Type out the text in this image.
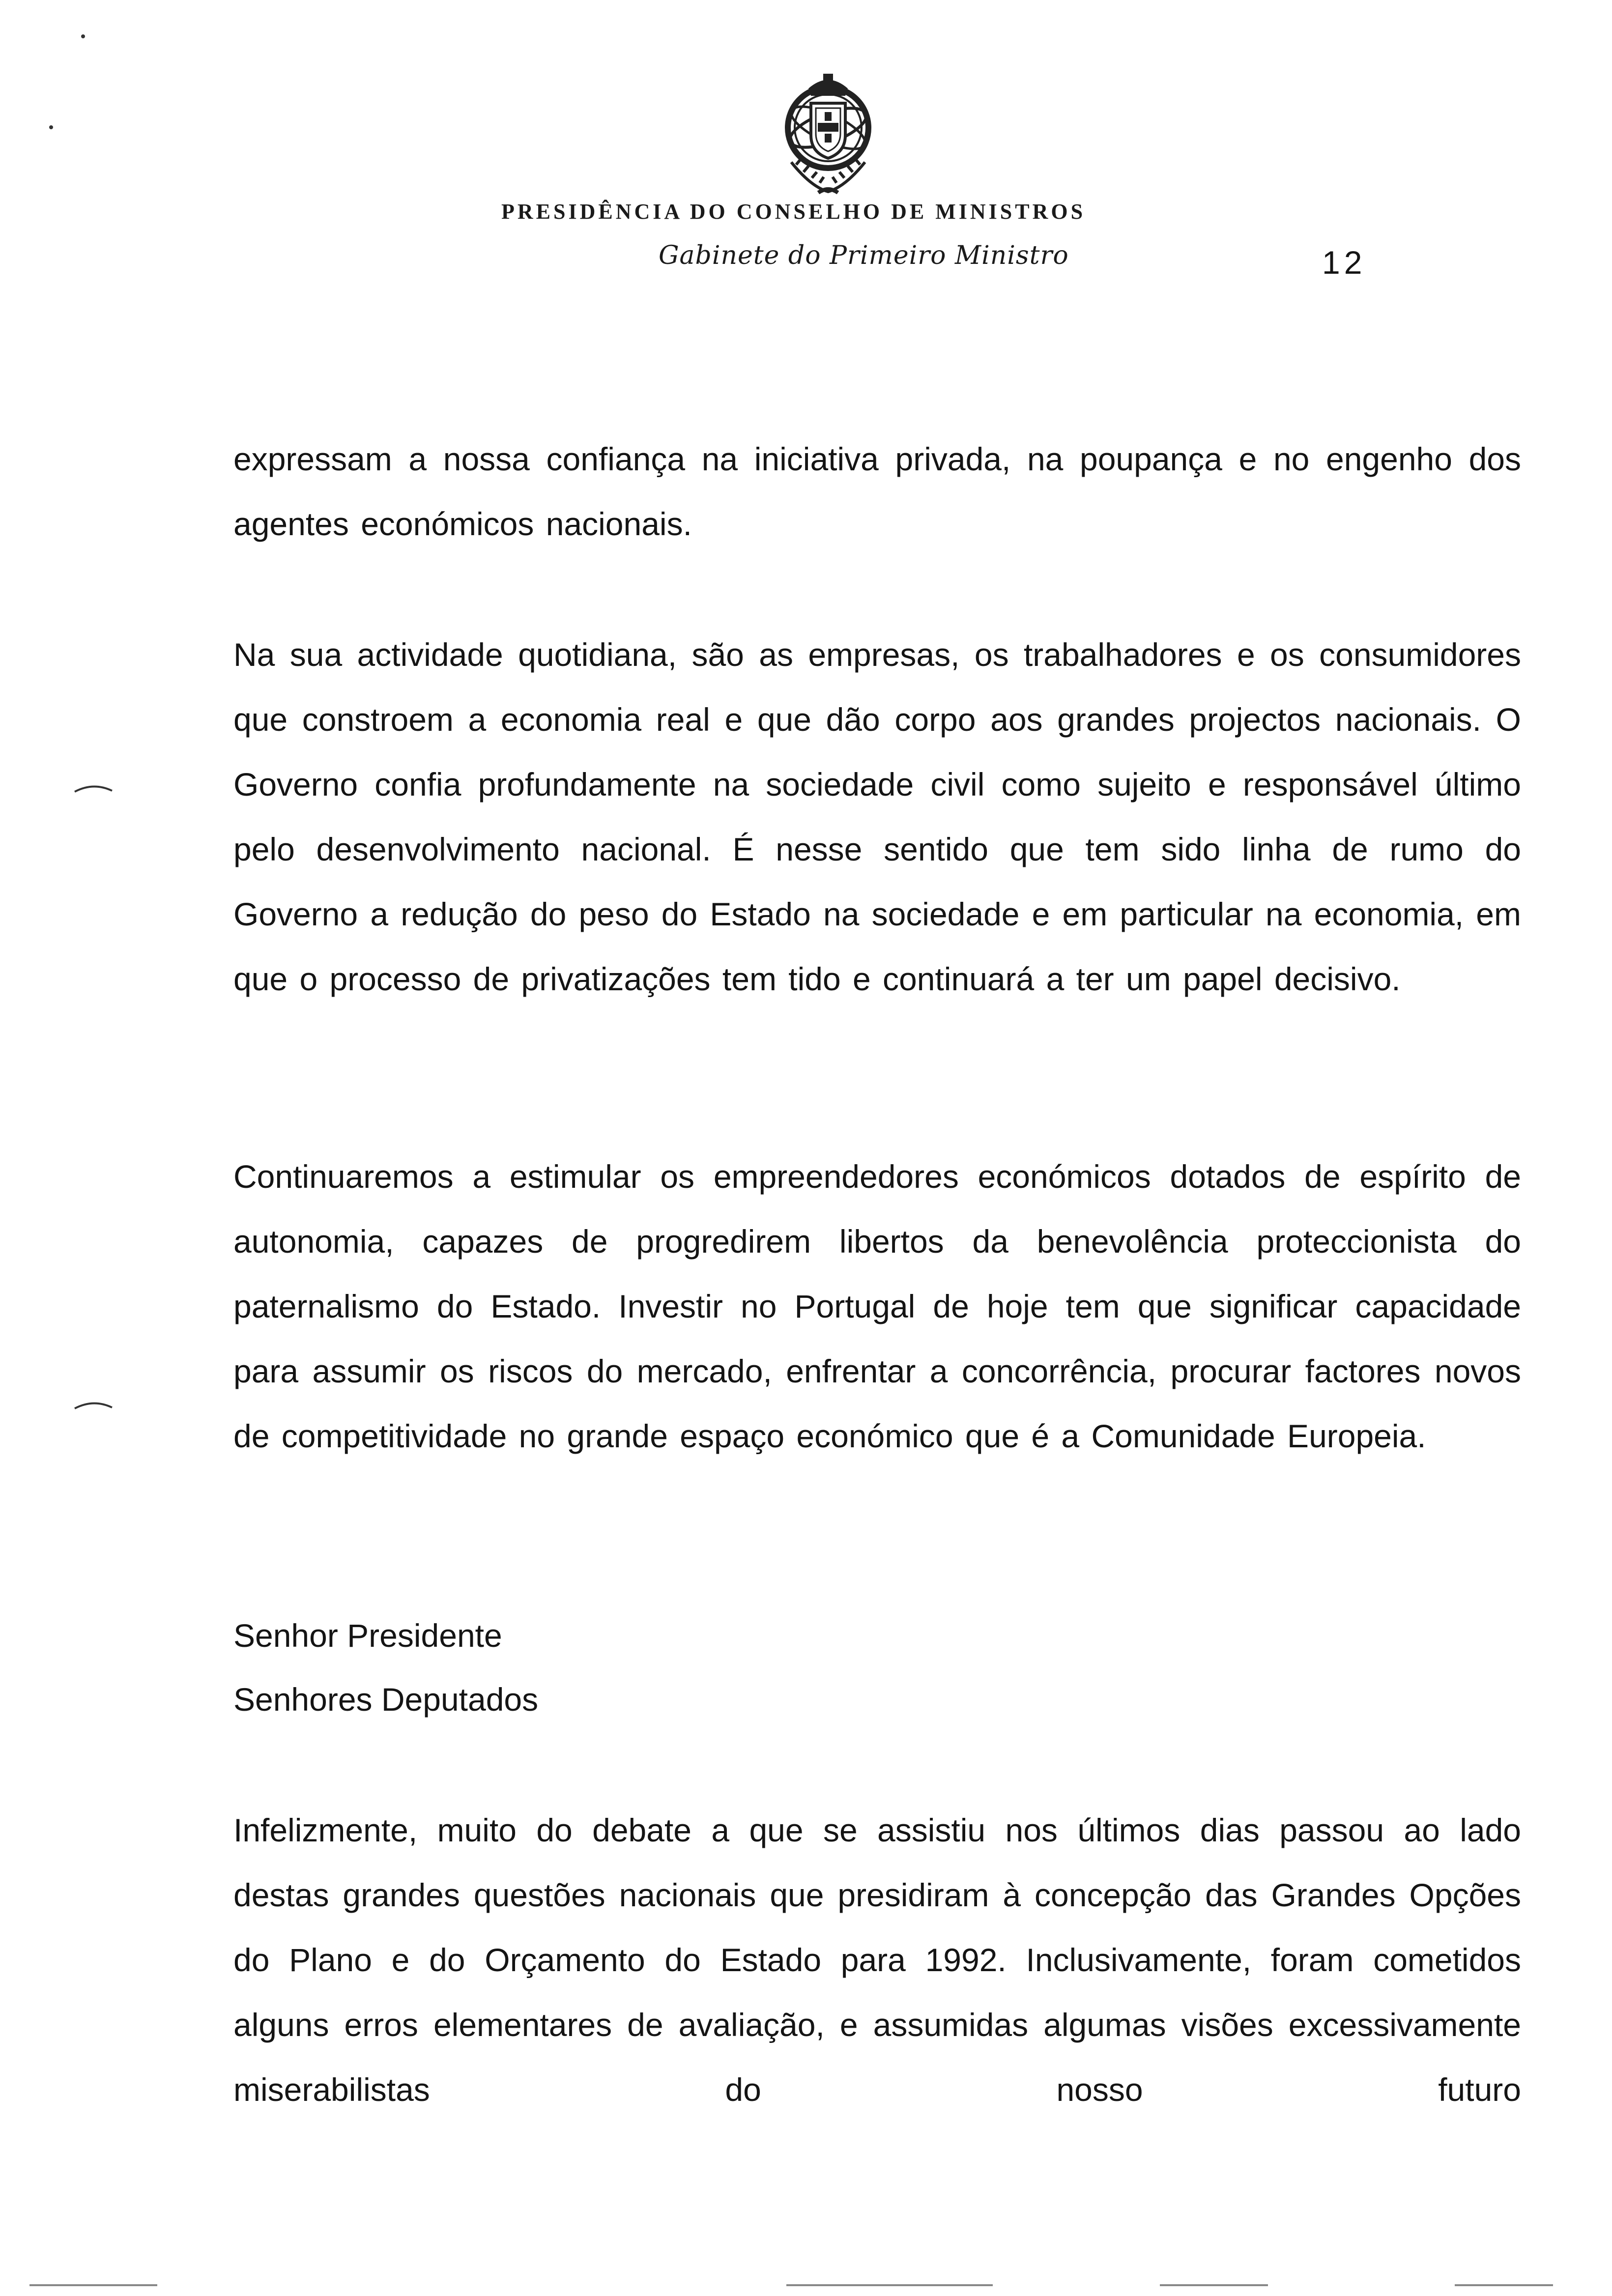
PRESIDÊNCIA DO CONSELHO DE MINISTROS
Gabinete do Primeiro Ministro	12

expressam a nossa confiança na iniciativa privada, na poupança e no engenho dos agentes económicos nacionais.

Na sua actividade quotidiana, são as empresas, os trabalhadores e os consumidores que constroem a economia real e que dão corpo aos grandes projectos nacionais. O Governo confia profundamente na sociedade civil como sujeito e responsável último pelo desenvolvimento nacional. É nesse sentido que tem sido linha de rumo do Governo a redução do peso do Estado na sociedade e em particular na economia, em que o processo de privatizações tem tido e continuará a ter um papel decisivo.

Continuaremos a estimular os empreendedores económicos dotados de espírito de autonomia, capazes de progredirem libertos da benevolência proteccionista do paternalismo do Estado. Investir no Portugal de hoje tem que significar capacidade para assumir os riscos do mercado, enfrentar a concorrência, procurar factores novos de competitividade no grande espaço económico que é a Comunidade Europeia.

Senhor Presidente
Senhores Deputados

Infelizmente, muito do debate a que se assistiu nos últimos dias passou ao lado destas grandes questões nacionais que presidiram à concepção das Grandes Opções do Plano e do Orçamento do Estado para 1992. Inclusivamente, foram cometidos alguns erros elementares de avaliação, e assumidas algumas visões excessivamente miserabilistas do nosso futuro
